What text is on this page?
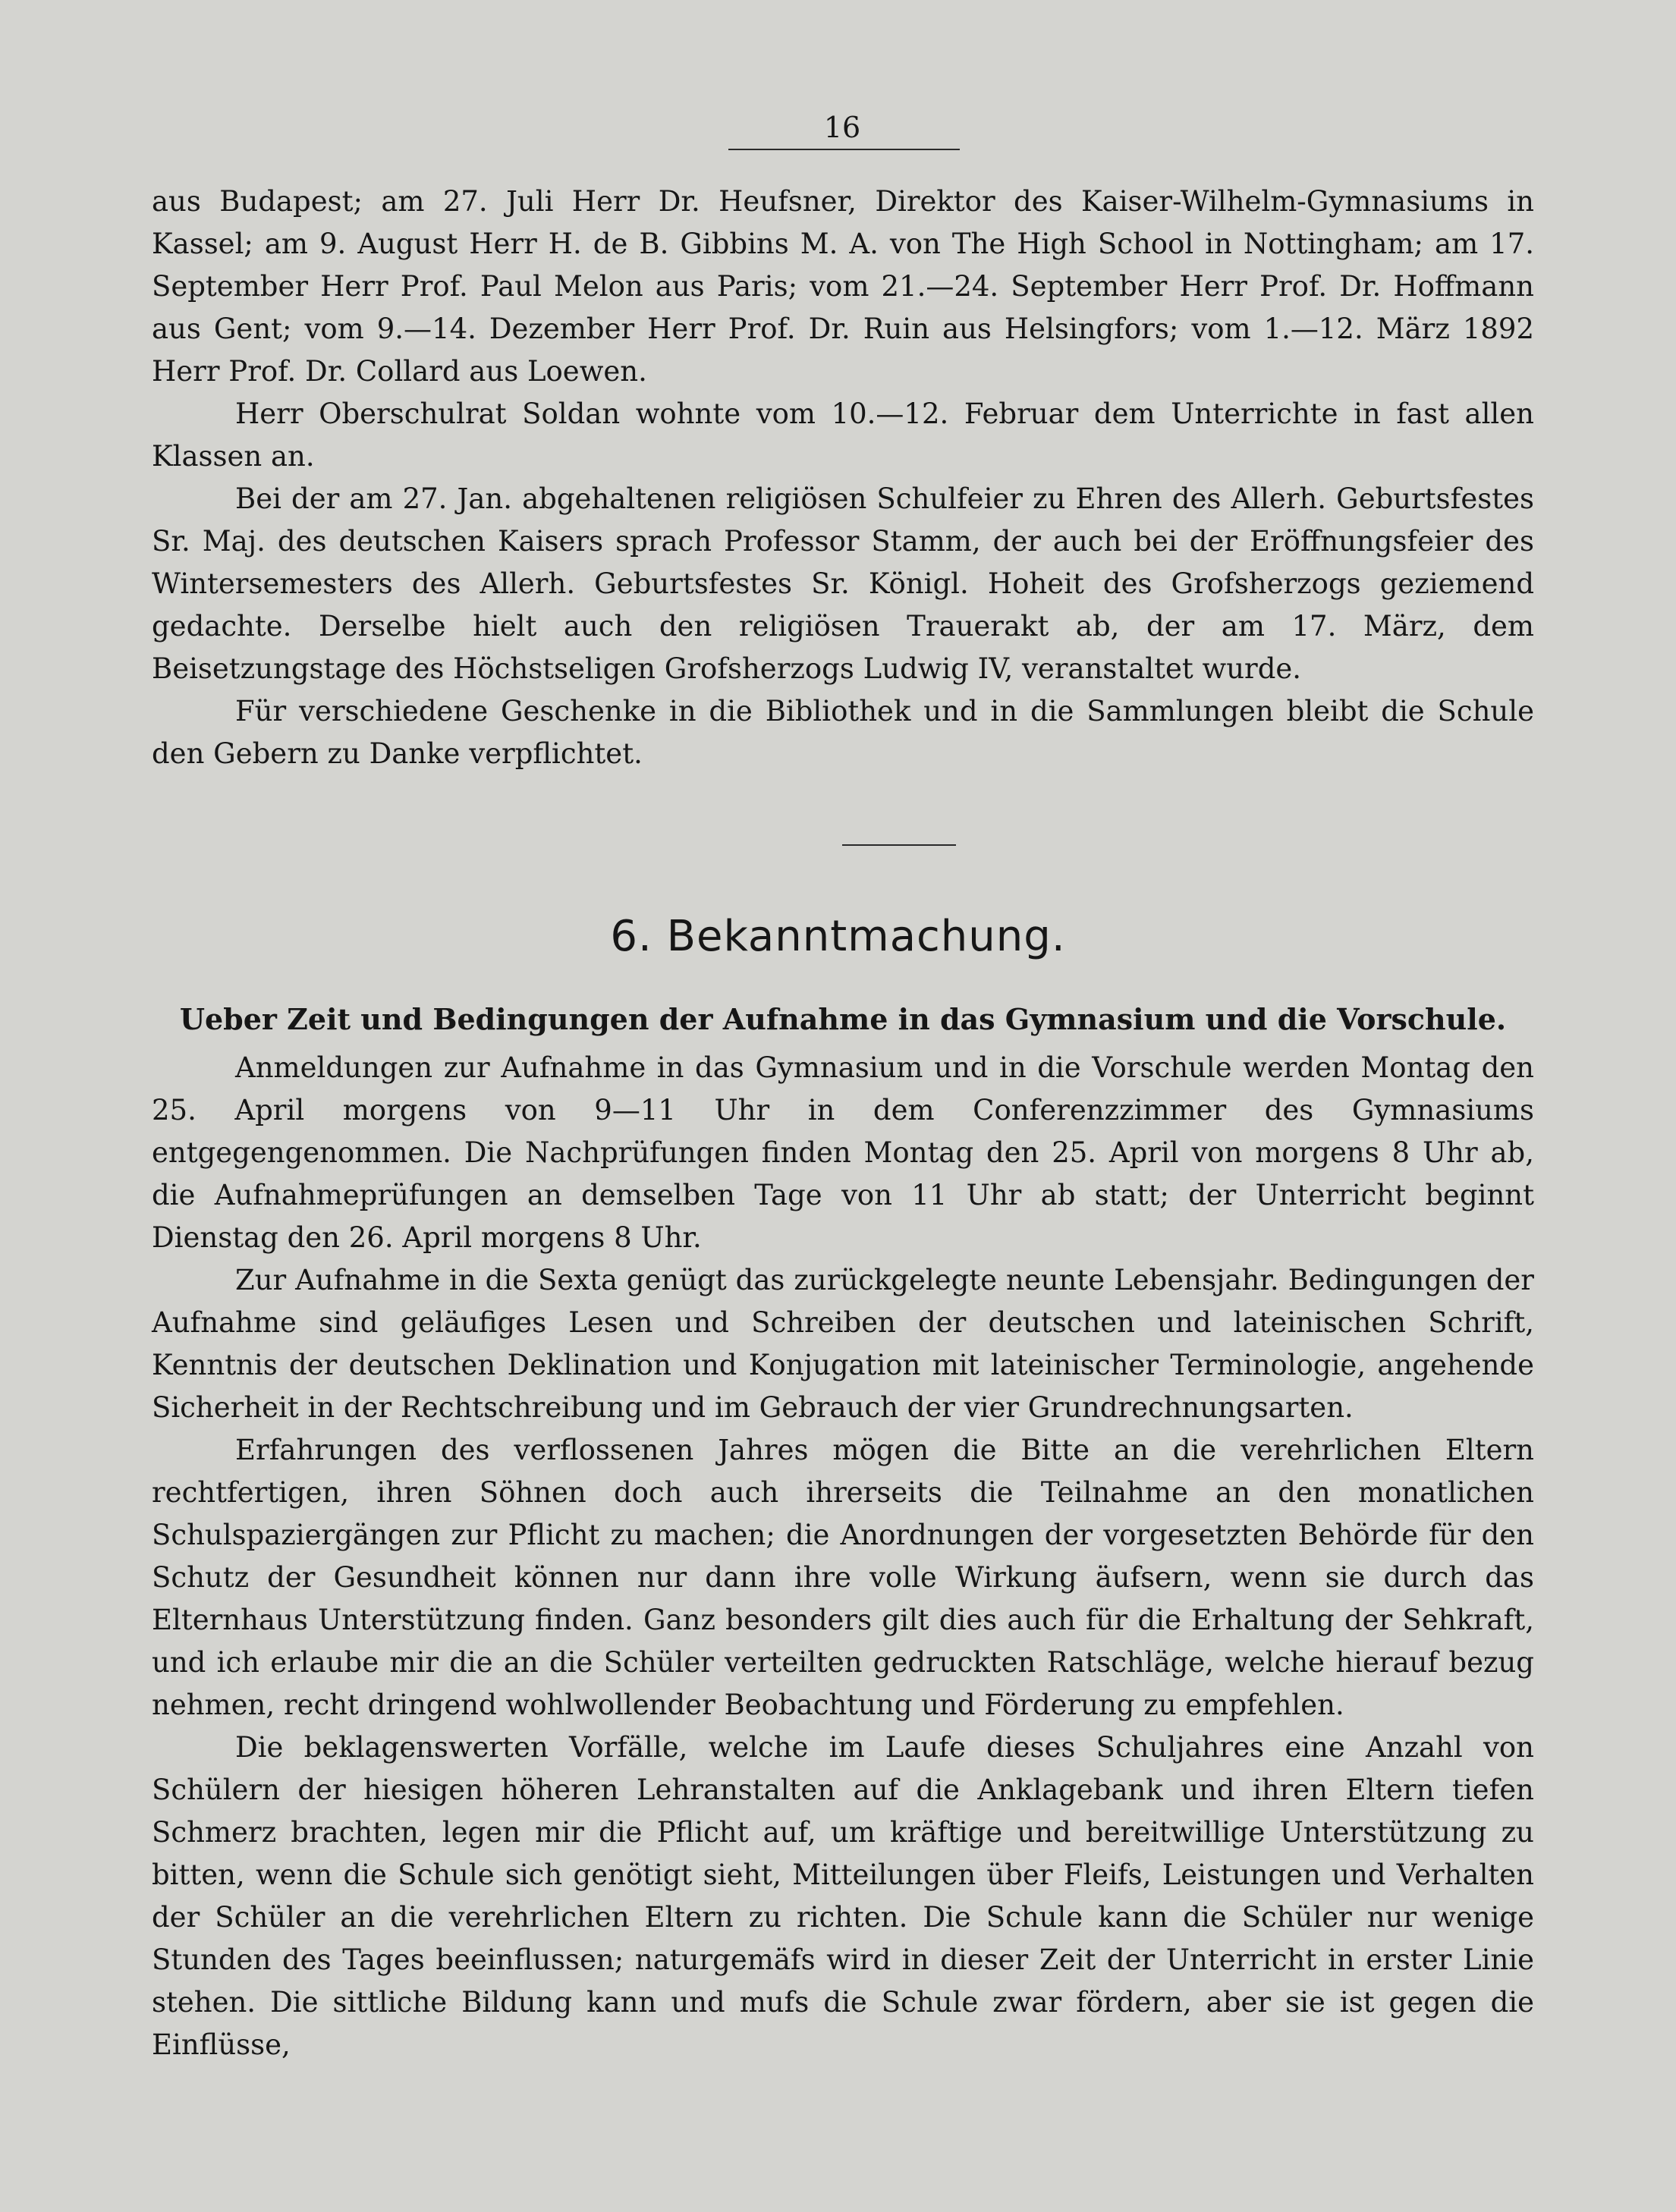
16

aus Budapest; am 27. Juli Herr Dr. Heufsner, Direktor des Kaiser-Wilhelm-Gymnasiums in Kassel; am 9. August Herr H. de B. Gibbins M. A. von The High School in Nottingham; am 17. September Herr Prof. Paul Melon aus Paris; vom 21.—24. September Herr Prof. Dr. Hoffmann aus Gent; vom 9.—14. Dezember Herr Prof. Dr. Ruin aus Helsingfors; vom 1.—12. März 1892 Herr Prof. Dr. Collard aus Loewen.

Herr Oberschulrat Soldan wohnte vom 10.—12. Februar dem Unterrichte in fast allen Klassen an.

Bei der am 27. Jan. abgehaltenen religiösen Schulfeier zu Ehren des Allerh. Geburtsfestes Sr. Maj. des deutschen Kaisers sprach Professor Stamm, der auch bei der Eröffnungsfeier des Wintersemesters des Allerh. Geburtsfestes Sr. Königl. Hoheit des Grofsherzogs geziemend gedachte. Derselbe hielt auch den religiösen Trauerakt ab, der am 17. März, dem Beisetzungstage des Höchstseligen Grofsherzogs Ludwig IV, veranstaltet wurde.

Für verschiedene Geschenke in die Bibliothek und in die Sammlungen bleibt die Schule den Gebern zu Danke verpflichtet.

6. Bekanntmachung.
Ueber Zeit und Bedingungen der Aufnahme in das Gymnasium und die Vorschule.

Anmeldungen zur Aufnahme in das Gymnasium und in die Vorschule werden Montag den 25. April morgens von 9—11 Uhr in dem Conferenzzimmer des Gymnasiums entgegengenommen. Die Nachprüfungen finden Montag den 25. April von morgens 8 Uhr ab, die Aufnahmeprüfungen an demselben Tage von 11 Uhr ab statt; der Unterricht beginnt Dienstag den 26. April morgens 8 Uhr.

Zur Aufnahme in die Sexta genügt das zurückgelegte neunte Lebensjahr. Bedingungen der Aufnahme sind geläufiges Lesen und Schreiben der deutschen und lateinischen Schrift, Kenntnis der deutschen Deklination und Konjugation mit lateinischer Terminologie, angehende Sicherheit in der Rechtschreibung und im Gebrauch der vier Grundrechnungsarten.

Erfahrungen des verflossenen Jahres mögen die Bitte an die verehrlichen Eltern rechtfertigen, ihren Söhnen doch auch ihrerseits die Teilnahme an den monatlichen Schulspaziergängen zur Pflicht zu machen; die Anordnungen der vorgesetzten Behörde für den Schutz der Gesundheit können nur dann ihre volle Wirkung äufsern, wenn sie durch das Elternhaus Unterstützung finden. Ganz besonders gilt dies auch für die Erhaltung der Sehkraft, und ich erlaube mir die an die Schüler verteilten gedruckten Ratschläge, welche hierauf bezug nehmen, recht dringend wohlwollender Beobachtung und Förderung zu empfehlen.

Die beklagenswerten Vorfälle, welche im Laufe dieses Schuljahres eine Anzahl von Schülern der hiesigen höheren Lehranstalten auf die Anklagebank und ihren Eltern tiefen Schmerz brachten, legen mir die Pflicht auf, um kräftige und bereitwillige Unterstützung zu bitten, wenn die Schule sich genötigt sieht, Mitteilungen über Fleifs, Leistungen und Verhalten der Schüler an die verehrlichen Eltern zu richten. Die Schule kann die Schüler nur wenige Stunden des Tages beeinflussen; naturgemäfs wird in dieser Zeit der Unterricht in erster Linie stehen. Die sittliche Bildung kann und mufs die Schule zwar fördern, aber sie ist gegen die Einflüsse,
